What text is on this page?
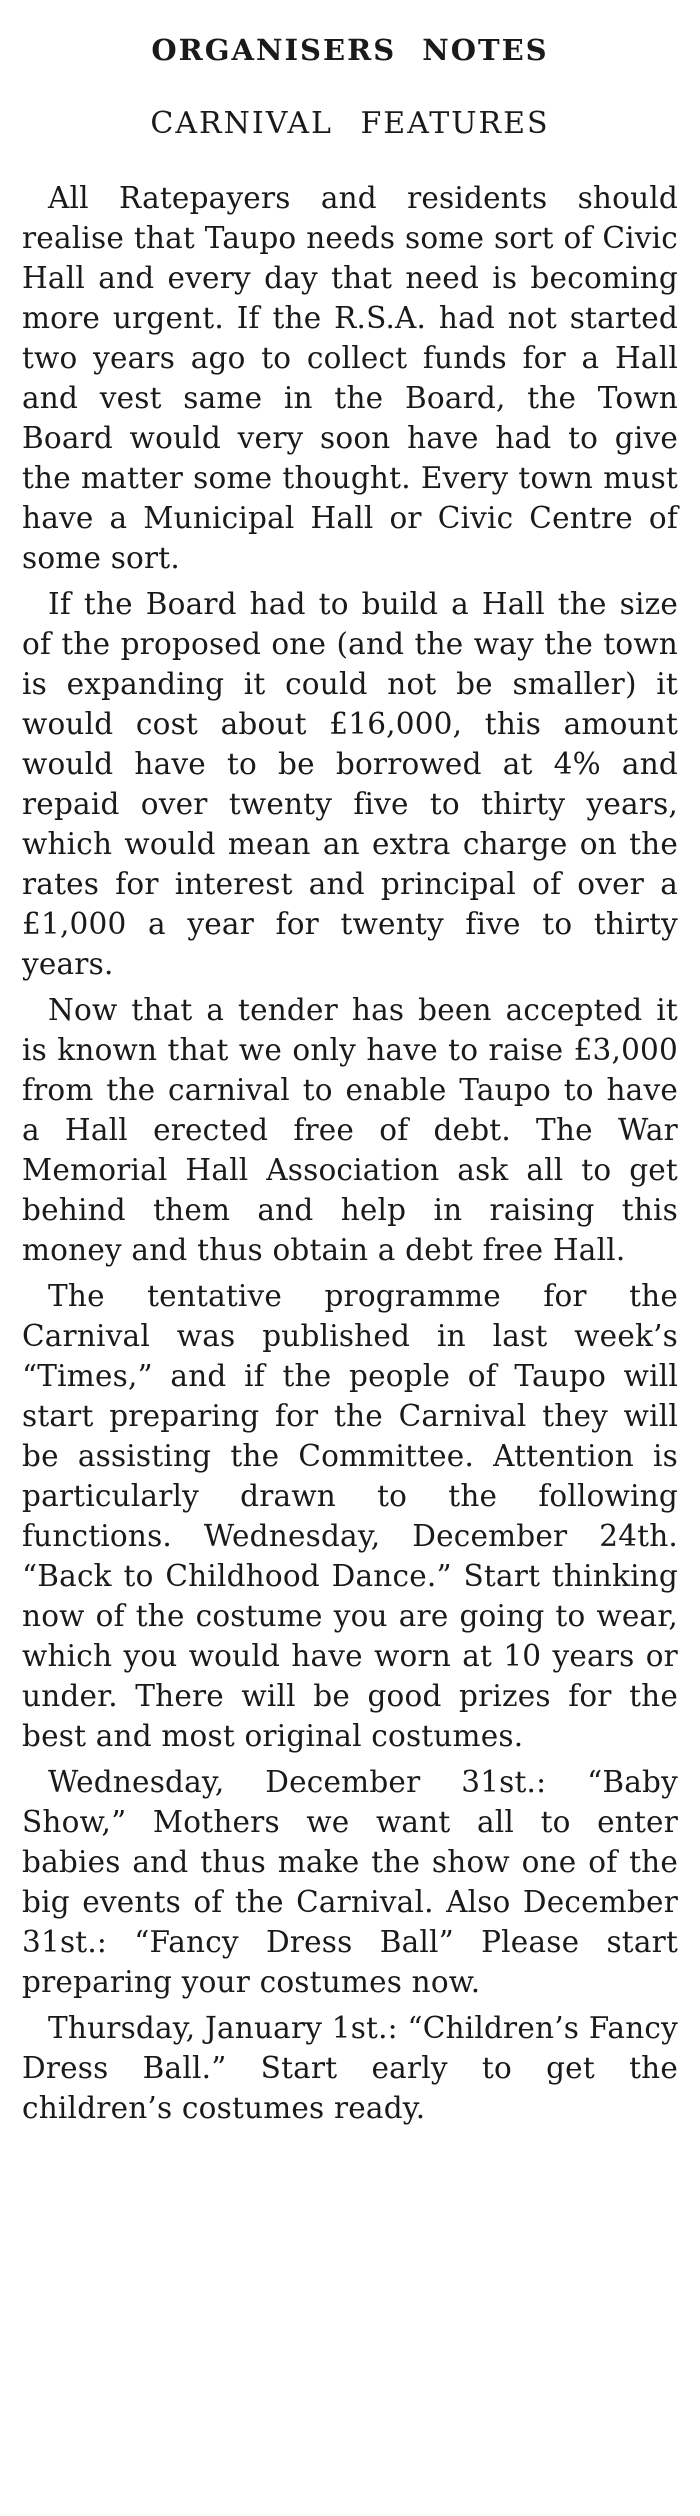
ORGANISERS NOTES
CARNIVAL FEATURES

All Ratepayers and residents should realise that Taupo needs some sort of Civic Hall and every day that need is becoming more urgent. If the R.S.A. had not started two years ago to collect funds for a Hall and vest same in the Board, the Town Board would very soon have had to give the matter some thought. Every town must have a Municipal Hall or Civic Centre of some sort.

If the Board had to build a Hall the size of the proposed one (and the way the town is expanding it could not be smaller) it would cost about £16,000, this amount would have to be borrowed at 4% and repaid over twenty five to thirty years, which would mean an extra charge on the rates for interest and principal of over a £1,000 a year for twenty five to thirty years.

Now that a tender has been accepted it is known that we only have to raise £3,000 from the carnival to enable Taupo to have a Hall erected free of debt. The War Memorial Hall Association ask all to get behind them and help in raising this money and thus obtain a debt free Hall.

The tentative programme for the Carnival was published in last week’s “Times,” and if the people of Taupo will start preparing for the Carnival they will be assisting the Committee. Attention is particularly drawn to the following functions. Wednesday, December 24th. “Back to Childhood Dance.” Start thinking now of the costume you are going to wear, which you would have worn at 10 years or under. There will be good prizes for the best and most original costumes.

Wednesday, December 31st.: “Baby Show,” Mothers we want all to enter babies and thus make the show one of the big events of the Carnival. Also December 31st.: “Fancy Dress Ball” Please start preparing your costumes now.

Thursday, January 1st.: “Children’s Fancy Dress Ball.” Start early to get the children’s costumes ready.
